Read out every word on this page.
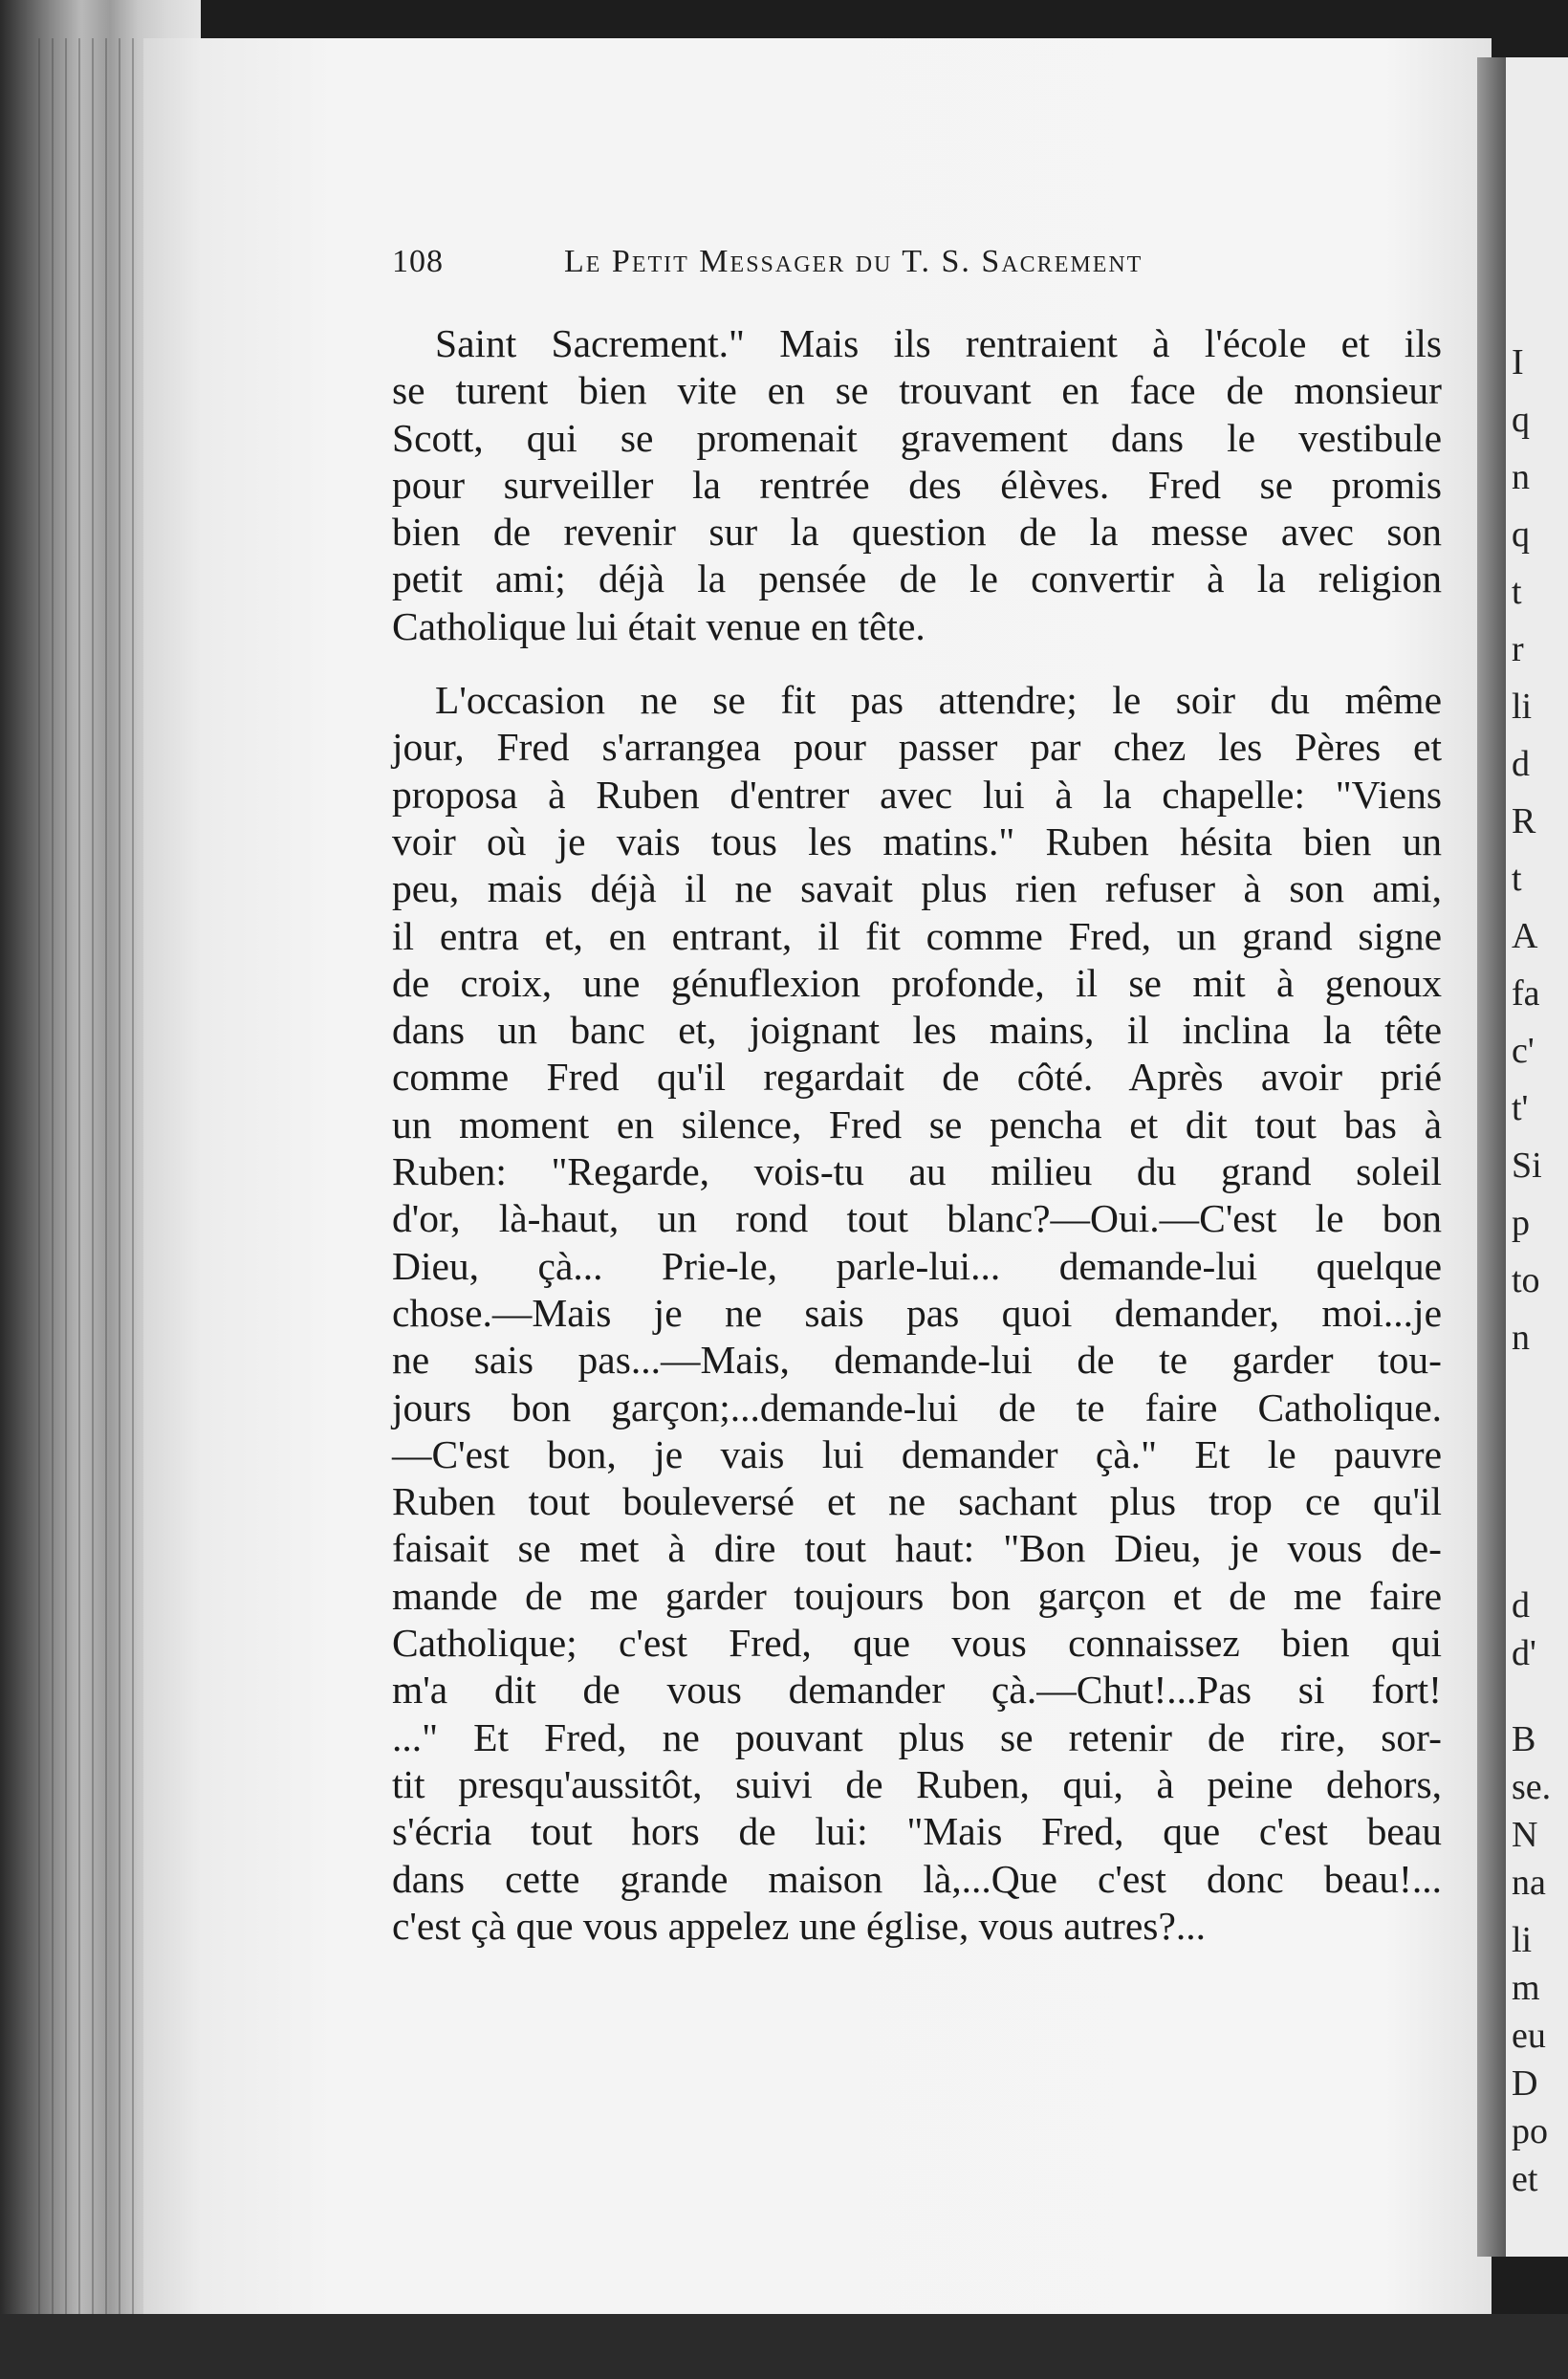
I
q
n
q
t
r
li
d
R
t
A
fa
c'
t'
Si
p
to
n
d
d'
B
se.
N
na
li
m
eu
D
po
et
108	Le Petit Messager du T. S. Sacrement
Saint Sacrement." Mais ils rentraient à l'école et ils
se turent bien vite en se trouvant en face de monsieur
Scott, qui se promenait gravement dans le vestibule
pour surveiller la rentrée des élèves. Fred se promis
bien de revenir sur la question de la messe avec son
petit ami; déjà la pensée de le convertir à la religion
Catholique lui était venue en tête.
L'occasion ne se fit pas attendre; le soir du même
jour, Fred s'arrangea pour passer par chez les Pères et
proposa à Ruben d'entrer avec lui à la chapelle: "Viens
voir où je vais tous les matins." Ruben hésita bien un
peu, mais déjà il ne savait plus rien refuser à son ami,
il entra et, en entrant, il fit comme Fred, un grand signe
de croix, une génuflexion profonde, il se mit à genoux
dans un banc et, joignant les mains, il inclina la tête
comme Fred qu'il regardait de côté. Après avoir prié
un moment en silence, Fred se pencha et dit tout bas à
Ruben: "Regarde, vois-tu au milieu du grand soleil
d'or, là-haut, un rond tout blanc?—Oui.—C'est le bon
Dieu, çà... Prie-le, parle-lui... demande-lui quelque
chose.—Mais je ne sais pas quoi demander, moi...je
ne sais pas...—Mais, demande-lui de te garder tou-
jours bon garçon;...demande-lui de te faire Catholique.
—C'est bon, je vais lui demander çà." Et le pauvre
Ruben tout bouleversé et ne sachant plus trop ce qu'il
faisait se met à dire tout haut: "Bon Dieu, je vous de-
mande de me garder toujours bon garçon et de me faire
Catholique; c'est Fred, que vous connaissez bien qui
m'a dit de vous demander çà.—Chut!...Pas si fort!
..." Et Fred, ne pouvant plus se retenir de rire, sor-
tit presqu'aussitôt, suivi de Ruben, qui, à peine dehors,
s'écria tout hors de lui: "Mais Fred, que c'est beau
dans cette grande maison là,...Que c'est donc beau!...
c'est çà que vous appelez une église, vous autres?...
